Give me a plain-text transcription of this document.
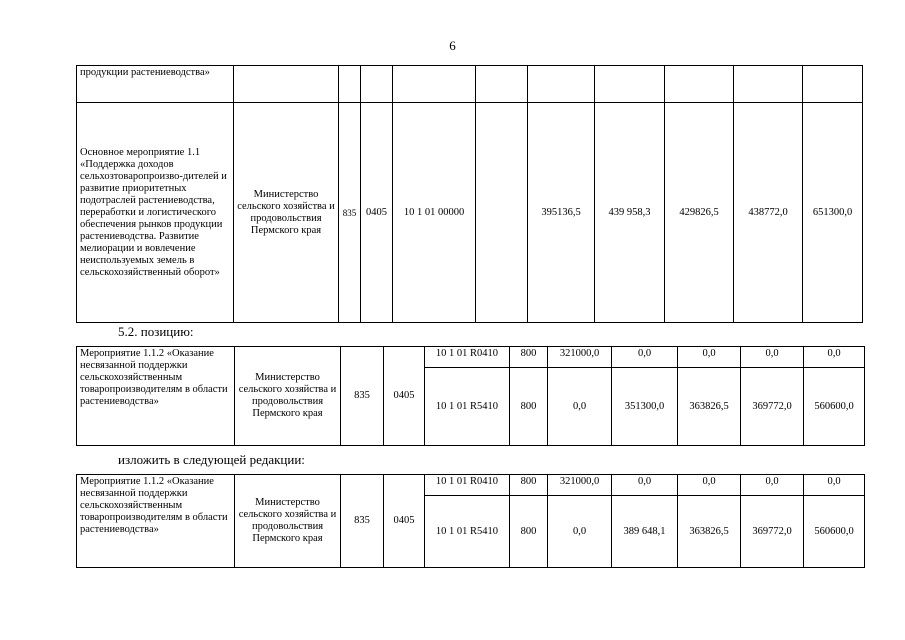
6
продукции растениеводства»										
Основное мероприятие 1.1 «Поддержка доходов сельхозтоваропроизво-дителей и развитие приоритетных подотраслей растениеводства, переработки и логистического обеспечения рынков продукции растениеводства. Развитие мелиорации и вовлечение неиспользуемых земель в сельскохозяйственный оборот»	Министерство сельского хозяйства и продовольствия Пермского края	835	0405	10 1 01 00000		395136,5	439 958,3	429826,5	438772,0	651300,0
5.2. позицию:
Мероприятие 1.1.2 «Оказание несвязанной поддержки сельскохозяйственным товаропроизводителям в области растениеводства»	Министерство сельского хозяйства и продовольствия Пермского края	835	0405	10 1 01 R0410	800	321000,0	0,0	0,0	0,0	0,0
				10 1 01 R5410	800	0,0	351300,0	363826,5	369772,0	560600,0
изложить в следующей редакции:
Мероприятие 1.1.2 «Оказание несвязанной поддержки сельскохозяйственным товаропроизводителям в области растениеводства»	Министерство сельского хозяйства и продовольствия Пермского края	835	0405	10 1 01 R0410	800	321000,0	0,0	0,0	0,0	0,0
				10 1 01 R5410	800	0,0	389 648,1	363826,5	369772,0	560600,0
